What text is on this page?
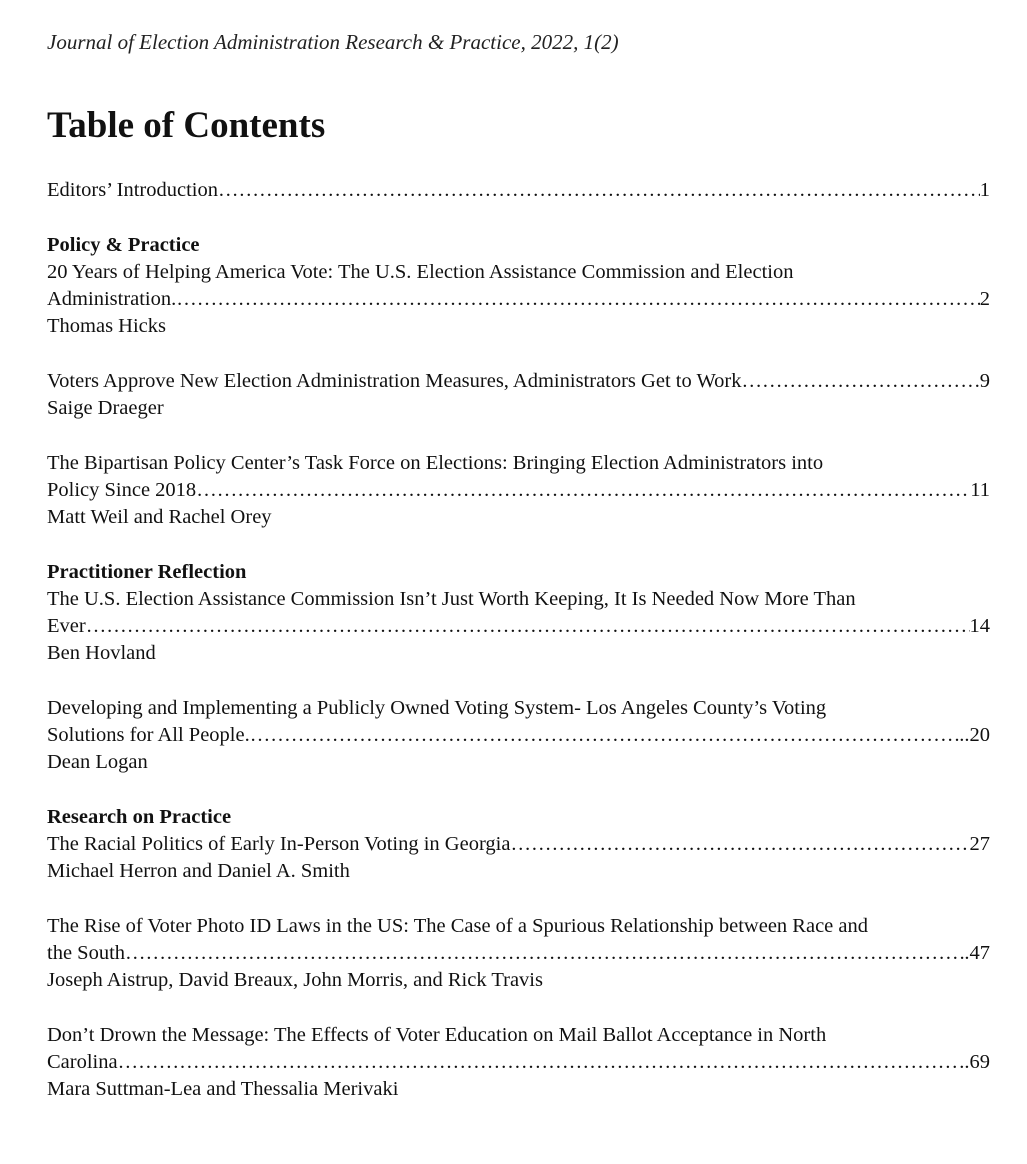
Journal of Election Administration Research & Practice, 2022, 1(2)
Table of Contents
Editors’ Introduction ……………………………………………………………………………………………………………………………………………………………………………………………………………………………	1
Policy & Practice
20 Years of Helping America Vote: The U.S. Election Assistance Commission and Election
Administration. ……………………………………………………………………………………………………………………………………………………………………………………………………………………………	2
Thomas Hicks
Voters Approve New Election Administration Measures, Administrators Get to Work ……………………………………………………………………………………………………………………………………………………………………………………………………………………………	9
Saige Draeger
The Bipartisan Policy Center’s Task Force on Elections: Bringing Election Administrators into
Policy Since 2018 ……………………………………………………………………………………………………………………………………………………………………………………………………………………………	11
Matt Weil and Rachel Orey
Practitioner Reflection
The U.S. Election Assistance Commission Isn’t Just Worth Keeping, It Is Needed Now More Than
Ever ……………………………………………………………………………………………………………………………………………………………………………………………………………………………	14
Ben Hovland
Developing and Implementing a Publicly Owned Voting System- Los Angeles County’s Voting
Solutions for All People. ……………………………………………………………………………………………………………………………………………………………………………………………………………………………	..20
Dean Logan
Research on Practice
The Racial Politics of Early In-Person Voting in Georgia ……………………………………………………………………………………………………………………………………………………………………………………………………………………………	27
Michael Herron and Daniel A. Smith
The Rise of Voter Photo ID Laws in the US: The Case of a Spurious Relationship between Race and
the South ……………………………………………………………………………………………………………………………………………………………………………………………………………………………	.47
Joseph Aistrup, David Breaux, John Morris, and Rick Travis
Don’t Drown the Message: The Effects of Voter Education on Mail Ballot Acceptance in North
Carolina ……………………………………………………………………………………………………………………………………………………………………………………………………………………………	..69
Mara Suttman-Lea and Thessalia Merivaki
